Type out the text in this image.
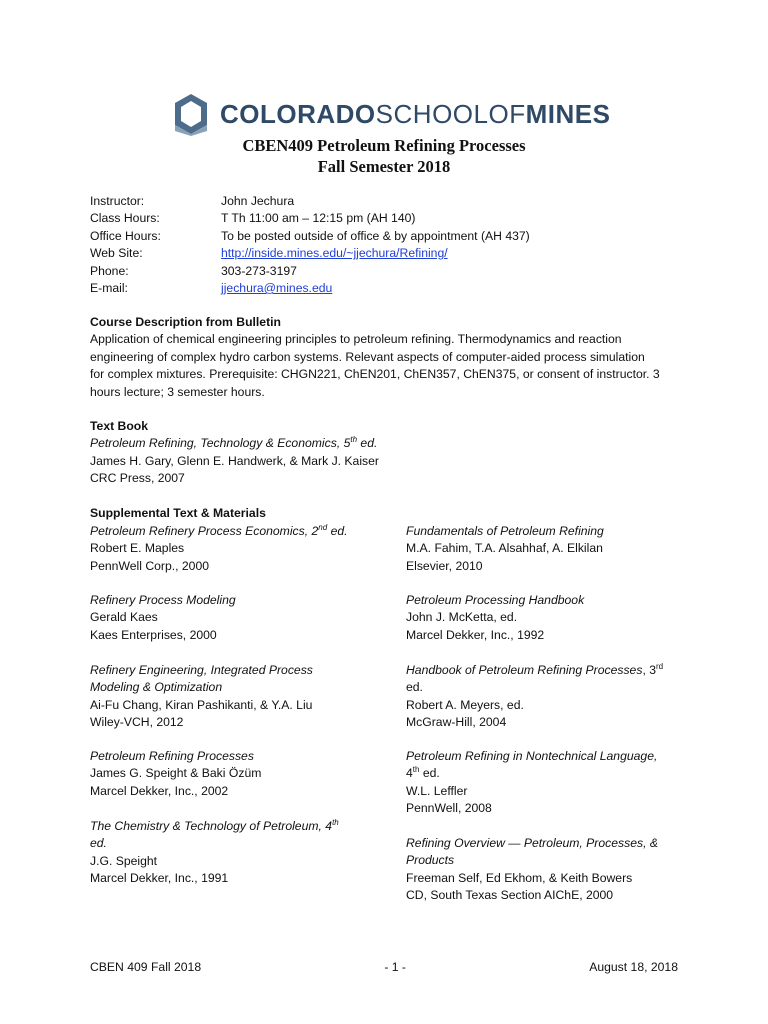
COLORADOSCHOOLOFMINES
CBEN409 Petroleum Refining Processes
Fall Semester 2018
Instructor:	John Jechura
Class Hours:	T Th 11:00 am – 12:15 pm (AH 140)
Office Hours:	To be posted outside of office & by appointment (AH 437)
Web Site:	http://inside.mines.edu/~jjechura/Refining/
Phone:	303-273-3197
E-mail:	jjechura@mines.edu
Course Description from Bulletin
Application of chemical engineering principles to petroleum refining. Thermodynamics and reaction
engineering of complex hydro carbon systems. Relevant aspects of computer-aided process simulation
for complex mixtures. Prerequisite: CHGN221, ChEN201, ChEN357, ChEN375, or consent of instructor. 3
hours lecture; 3 semester hours.
Text Book
Petroleum Refining, Technology & Economics, 5th ed.
James H. Gary, Glenn E. Handwerk, & Mark J. Kaiser
CRC Press, 2007
Supplemental Text & Materials
Petroleum Refinery Process Economics, 2nd ed.
Robert E. Maples
PennWell Corp., 2000
Refinery Process Modeling
Gerald Kaes
Kaes Enterprises, 2000
Refinery Engineering, Integrated Process
Modeling & Optimization
Ai-Fu Chang, Kiran Pashikanti, & Y.A. Liu
Wiley-VCH, 2012
Petroleum Refining Processes
James G. Speight & Baki Özüm
Marcel Dekker, Inc., 2002
The Chemistry & Technology of Petroleum, 4th
ed.
J.G. Speight
Marcel Dekker, Inc., 1991
Fundamentals of Petroleum Refining
M.A. Fahim, T.A. Alsahhaf, A. Elkilan
Elsevier, 2010
Petroleum Processing Handbook
John J. McKetta, ed.
Marcel Dekker, Inc., 1992
Handbook of Petroleum Refining Processes, 3rd
ed.
Robert A. Meyers, ed.
McGraw-Hill, 2004
Petroleum Refining in Nontechnical Language,
4th ed.
W.L. Leffler
PennWell, 2008
Refining Overview — Petroleum, Processes, &
Products
Freeman Self, Ed Ekhom, & Keith Bowers
CD, South Texas Section AIChE, 2000
CBEN 409 Fall 2018	- 1 -	August 18, 2018
